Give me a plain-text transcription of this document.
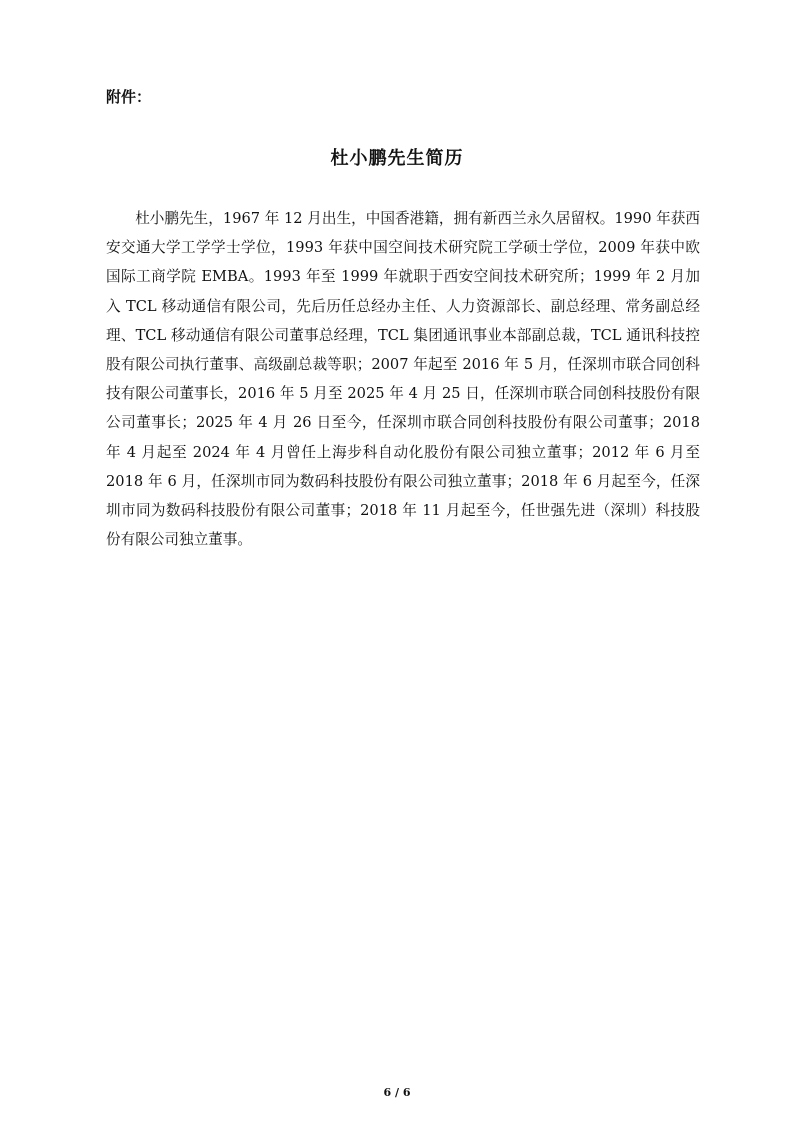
附件：
杜小鹏先生简历

杜小鹏先生，1967 年 12 月出生，中国香港籍，拥有新西兰永久居留权。1990 年获西安交通大学工学学士学位，1993 年获中国空间技术研究院工学硕士学位，2009 年获中欧国际工商学院 EMBA。1993 年至 1999 年就职于西安空间技术研究所；1999 年 2 月加入 TCL 移动通信有限公司，先后历任总经办主任、人力资源部长、副总经理、常务副总经理、TCL 移动通信有限公司董事总经理，TCL 集团通讯事业本部副总裁，TCL 通讯科技控股有限公司执行董事、高级副总裁等职；2007 年起至 2016 年 5 月，任深圳市联合同创科技有限公司董事长，2016 年 5 月至 2025 年 4 月 25 日，任深圳市联合同创科技股份有限公司董事长；2025 年 4 月 26 日至今，任深圳市联合同创科技股份有限公司董事；2018 年 4 月起至 2024 年 4 月曾任上海步科自动化股份有限公司独立董事；2012 年 6 月至 2018 年 6 月，任深圳市同为数码科技股份有限公司独立董事；2018 年 6 月起至今，任深圳市同为数码科技股份有限公司董事；2018 年 11 月起至今，任世强先进（深圳）科技股份有限公司独立董事。

6 / 6
